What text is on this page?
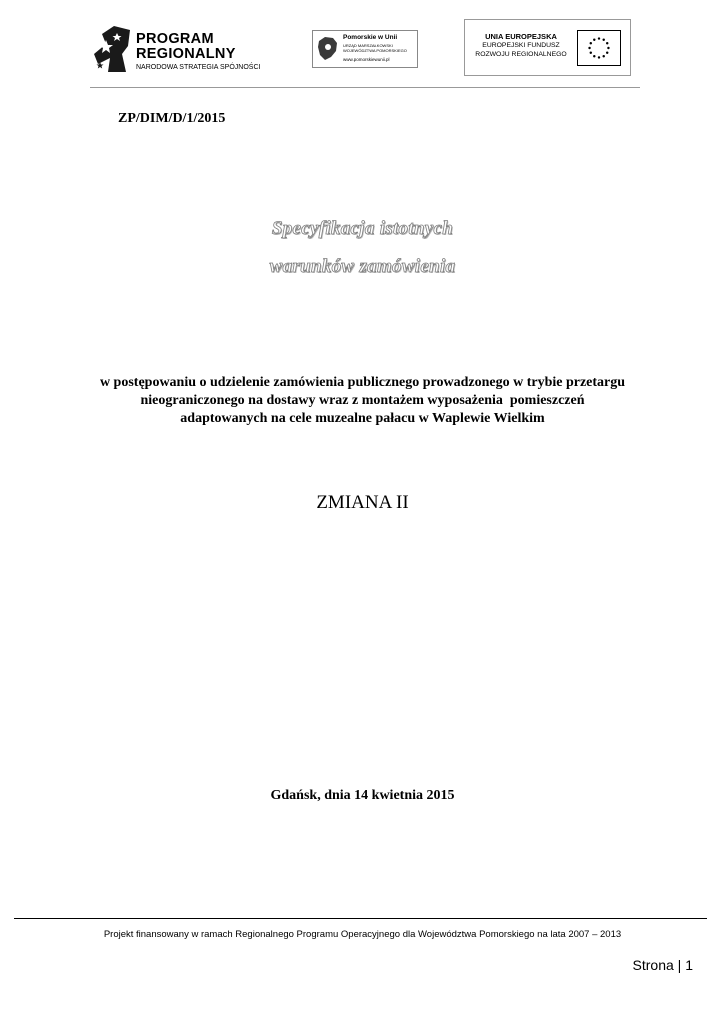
PROGRAM
REGIONALNY
NARODOWA STRATEGIA SPÓJNOŚCI
Pomorskie w Unii
URZĄD MARSZAŁKOWSKI
WOJEWÓDZTWA POMORSKIEGO
www.pomorskiewunii.pl
UNIA EUROPEJSKA
EUROPEJSKI FUNDUSZ
ROZWOJU REGIONALNEGO
ZP/DIM/D/1/2015
Specyfikacja istotnych
warunków zamówienia
w postępowaniu o udzielenie zamówienia publicznego prowadzonego w trybie przetargu
nieograniczonego na dostawy wraz z montażem wyposażenia  pomieszczeń
adaptowanych na cele muzealne pałacu w Waplewie Wielkim
ZMIANA II
Gdańsk, dnia 14 kwietnia 2015
Projekt finansowany w ramach Regionalnego Programu Operacyjnego dla Województwa Pomorskiego na lata 2007 – 2013
Strona | 1
